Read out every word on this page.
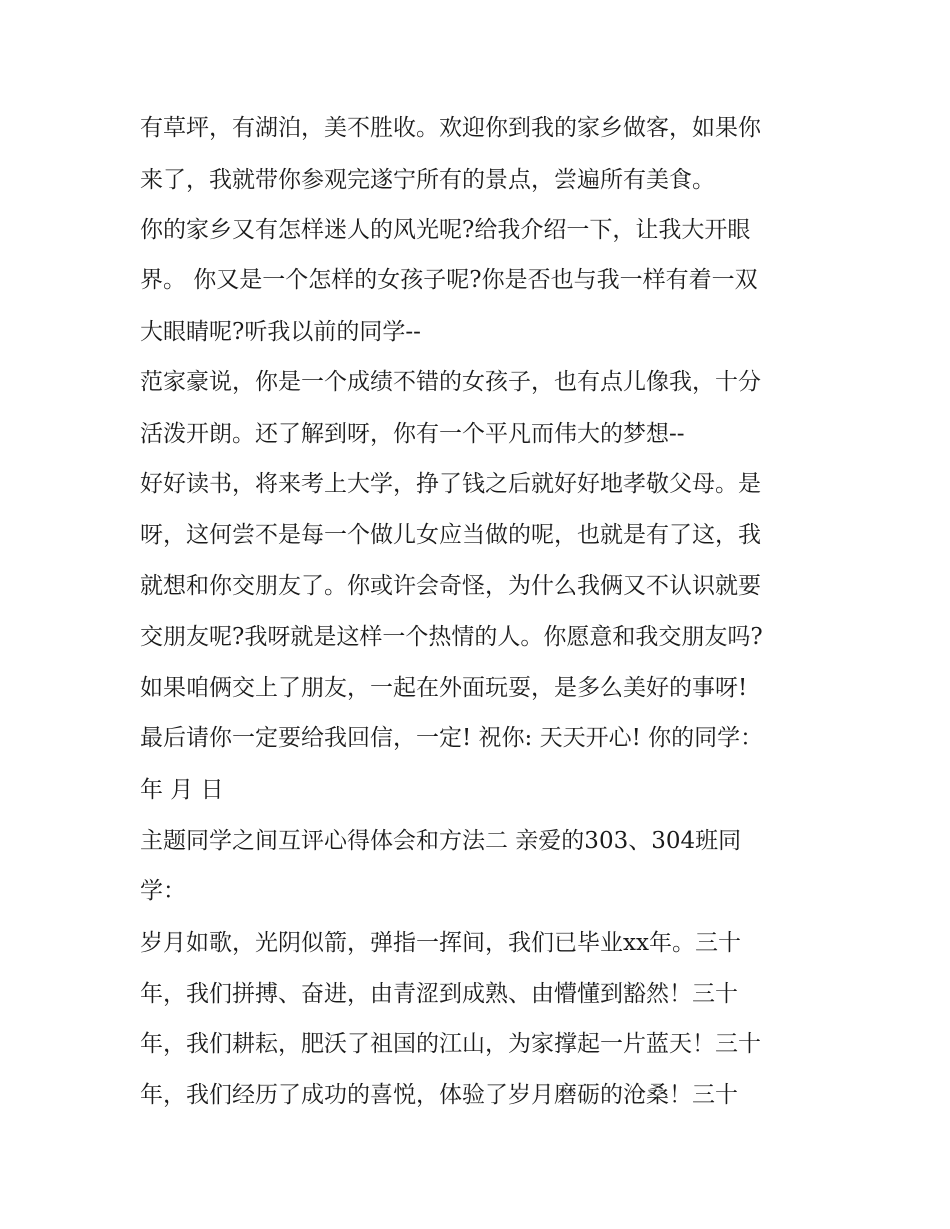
有草坪，有湖泊，美不胜收。欢迎你到我的家乡做客，如果你

来了，我就带你参观完遂宁所有的景点，尝遍所有美食。

你的家乡又有怎样迷人的风光呢?给我介绍一下，让我大开眼

界。 你又是一个怎样的女孩子呢?你是否也与我一样有着一双

大眼睛呢?听我以前的同学--

范家豪说，你是一个成绩不错的女孩子，也有点儿像我，十分

活泼开朗。还了解到呀，你有一个平凡而伟大的梦想--

好好读书，将来考上大学，挣了钱之后就好好地孝敬父母。是

呀，这何尝不是每一个做儿女应当做的呢，也就是有了这，我

就想和你交朋友了。你或许会奇怪，为什么我俩又不认识就要

交朋友呢?我呀就是这样一个热情的人。你愿意和我交朋友吗?

如果咱俩交上了朋友，一起在外面玩耍，是多么美好的事呀!

最后请你一定要给我回信，一定! 祝你: 天天开心! 你的同学：

年 月 日

主题同学之间互评心得体会和方法二 亲爱的303、304班同

学：

岁月如歌，光阴似箭，弹指一挥间，我们已毕业xx年。三十

年，我们拼搏、奋进，由青涩到成熟、由懵懂到豁然！三十

年，我们耕耘，肥沃了祖国的江山，为家撑起一片蓝天！三十

年，我们经历了成功的喜悦，体验了岁月磨砺的沧桑！三十
